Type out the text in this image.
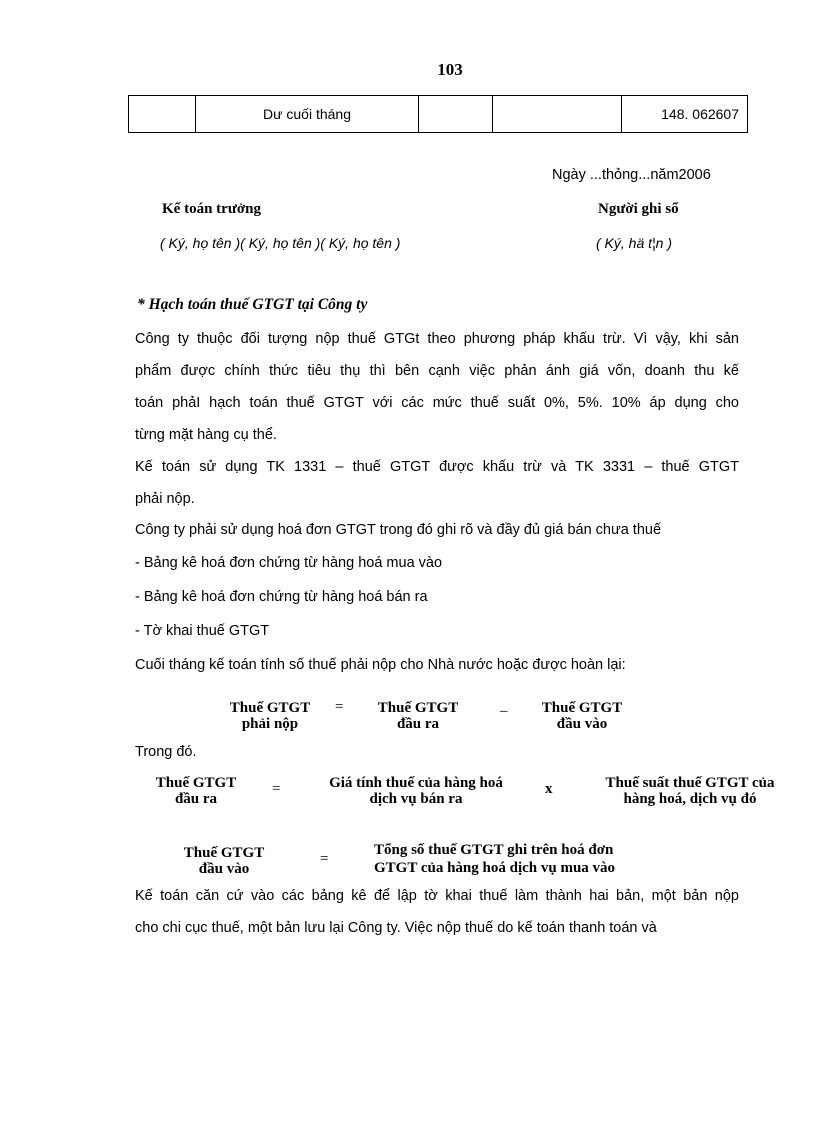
103
	Dư cuối tháng			148. 062607
Ngày ...thỏng...năm2006
Kế toán trưởng	Người ghi sổ
( Ký, họ tên )( Ký, họ tên )( Ký, họ tên )	( Ký, hä t¦n )
* Hạch toán thuế GTGT tại Công ty
Công ty thuộc đối tượng nộp thuế GTGt theo phương pháp khấu trừ. Vì vậy, khi sản
phẩm được chính thức tiêu thụ thì bên cạnh việc phản ánh giá vốn, doanh thu kế
toán phảI hạch toán thuế GTGT với các mức thuế suất 0%, 5%. 10% áp dụng cho
từng mặt hàng cụ thể.
Kế toán sử dụng TK 1331 – thuế GTGT được khấu trừ và TK 3331 – thuế GTGT
phải nộp.
Công ty phải sử dụng hoá đơn GTGT trong đó ghi rõ và đầy đủ giá bán chưa thuế
- Bảng kê hoá đơn chứng từ hàng hoá mua vào
- Bảng kê hoá đơn chứng từ hàng hoá bán ra
- Tờ khai thuế GTGT
Cuối tháng kế toán tính số thuế phải nộp cho Nhà nước hoặc được hoàn lại:
Thuế GTGT
phải nộp
=	Thuế GTGT
đầu ra
_	Thuế GTGT
đầu vào
Trong đó.
Thuế GTGT
đầu ra
=	Giá tính thuế của hàng hoá
dịch vụ bán ra
x	Thuế suất thuế GTGT của
hàng hoá, dịch vụ đó
Thuế GTGT
đầu vào
=
Tổng số thuế GTGT ghi trên hoá đơn
GTGT của hàng hoá dịch vụ mua vào
Kế toán căn cứ vào các bảng kê để lập tờ khai thuế làm thành hai bản, một bản nộp
cho chi cục thuế, một bản lưu lại Công ty. Việc nộp thuế do kế toán thanh toán và
